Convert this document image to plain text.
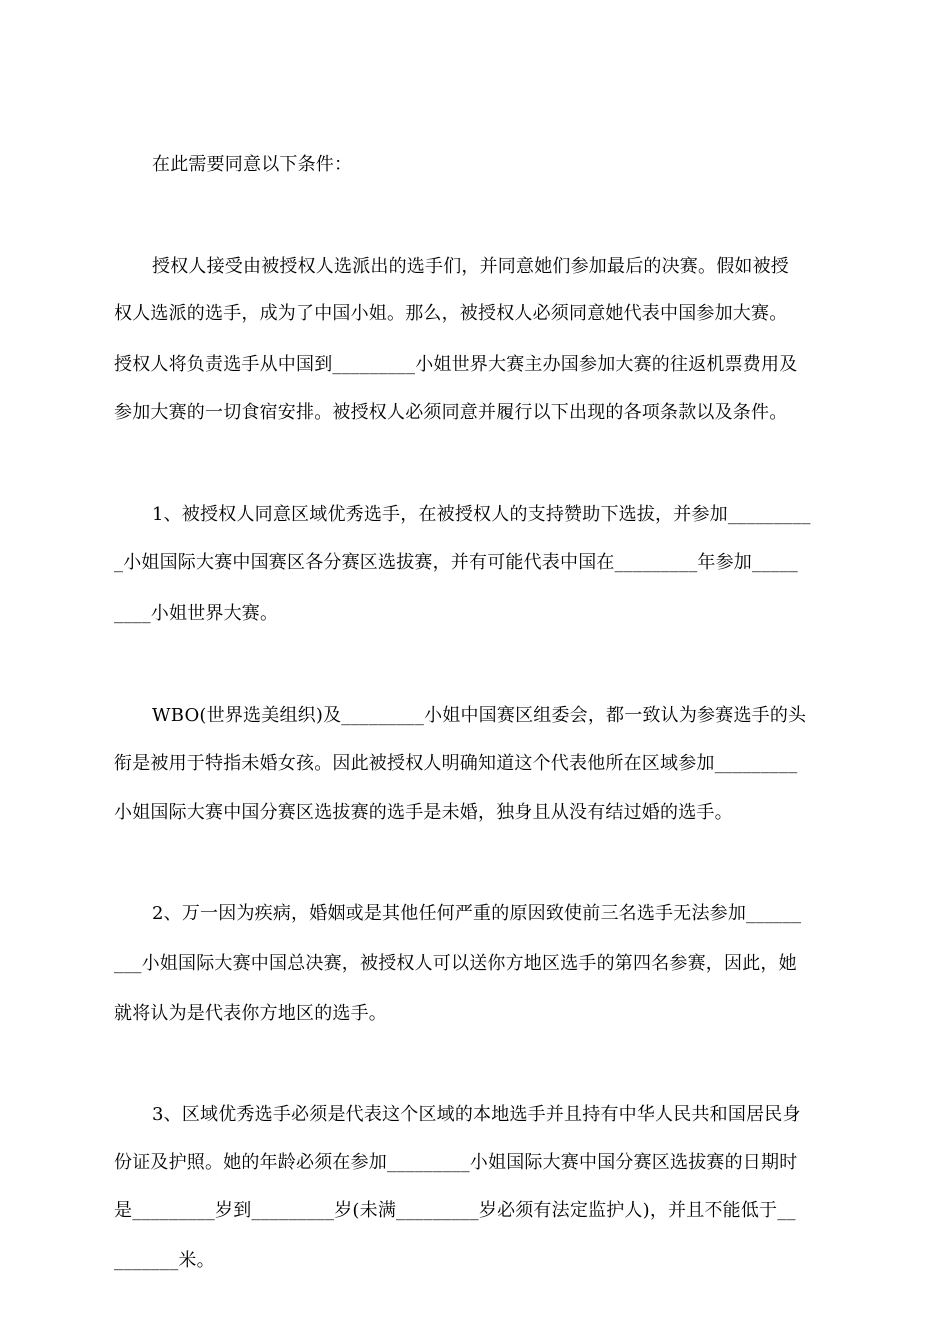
在此需要同意以下条件：
授权人接受由被授权人选派出的选手们，并同意她们参加最后的决赛。假如被授
权人选派的选手，成为了中国小姐。那么，被授权人必须同意她代表中国参加大赛。
授权人将负责选手从中国到_________小姐世界大赛主办国参加大赛的往返机票费用及
参加大赛的一切食宿安排。被授权人必须同意并履行以下出现的各项条款以及条件。
1、被授权人同意区域优秀选手，在被授权人的支持赞助下选拔，并参加_________
_小姐国际大赛中国赛区各分赛区选拔赛，并有可能代表中国在_________年参加_____
____小姐世界大赛。
WBO(世界选美组织)及_________小姐中国赛区组委会，都一致认为参赛选手的头
衔是被用于特指未婚女孩。因此被授权人明确知道这个代表他所在区域参加_________
小姐国际大赛中国分赛区选拔赛的选手是未婚，独身且从没有结过婚的选手。
2、万一因为疾病，婚姻或是其他任何严重的原因致使前三名选手无法参加______
___小姐国际大赛中国总决赛，被授权人可以送你方地区选手的第四名参赛，因此，她
就将认为是代表你方地区的选手。
3、区域优秀选手必须是代表这个区域的本地选手并且持有中华人民共和国居民身
份证及护照。她的年龄必须在参加_________小姐国际大赛中国分赛区选拔赛的日期时
是_________岁到_________岁(未满_________岁必须有法定监护人)，并且不能低于__
_______米。
